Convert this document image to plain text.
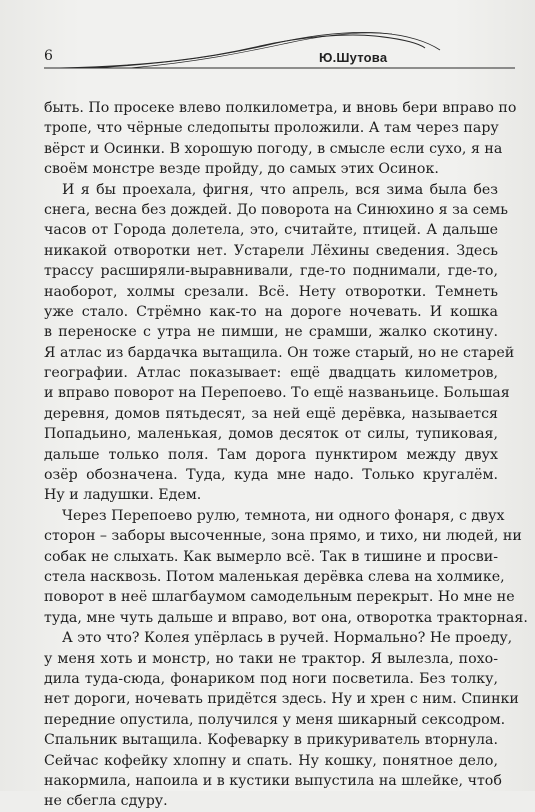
6	Ю.Шутова
быть. По просеке влево полкилометра, и вновь бери вправо по
тропе, что чёрные следопыты проложили. А там через пару
вёрст и Осинки. В хорошую погоду, в смысле если сухо, я на
своём монстре везде пройду, до самых этих Осинок.
И я бы проехала, фигня, что апрель, вся зима была без
снега, весна без дождей. До поворота на Синюхино я за семь
часов от Города долетела, это, считайте, птицей. А дальше
никакой отворотки нет. Устарели Лёхины сведения. Здесь
трассу расширяли-выравнивали, где-то поднимали, где-то,
наоборот, холмы срезали. Всё. Нету отворотки. Темнеть
уже стало. Стрёмно как-то на дороге ночевать. И кошка
в переноске с утра не пимши, не срамши, жалко скотину.
Я атлас из бардачка вытащила. Он тоже старый, но не старей
географии. Атлас показывает: ещё двадцать километров,
и вправо поворот на Перепоево. То ещё названьице. Большая
деревня, домов пятьдесят, за ней ещё дерёвка, называется
Попадьино, маленькая, домов десяток от силы, тупиковая,
дальше только поля. Там дорога пунктиром между двух
озёр обозначена. Туда, куда мне надо. Только кругалём.
Ну и ладушки. Едем.
Через Перепоево рулю, темнота, ни одного фонаря, с двух
сторон – заборы высоченные, зона прямо, и тихо, ни людей, ни
собак не слыхать. Как вымерло всё. Так в тишине и просви-
стела насквозь. Потом маленькая дерёвка слева на холмике,
поворот в неё шлагбаумом самодельным перекрыт. Но мне не
туда, мне чуть дальше и вправо, вот она, отворотка тракторная.
А это что? Колея упёрлась в ручей. Нормально? Не проеду,
у меня хоть и монстр, но таки не трактор. Я вылезла, похо-
дила туда-сюда, фонариком под ноги посветила. Без толку,
нет дороги, ночевать придётся здесь. Ну и хрен с ним. Спинки
передние опустила, получился у меня шикарный сексодром.
Спальник вытащила. Кофеварку в прикуриватель вторнула.
Сейчас кофейку хлопну и спать. Ну кошку, понятное дело,
накормила, напоила и в кустики выпустила на шлейке, чтоб
не сбегла сдуру.
